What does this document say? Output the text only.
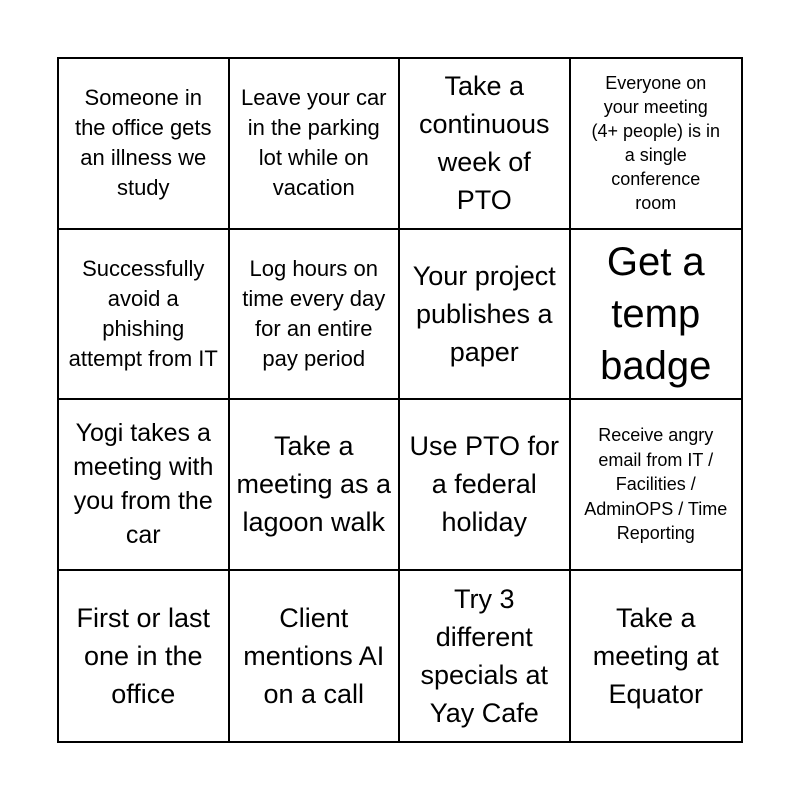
Someone in the office gets an illness we study
Leave your car in the parking lot while on vacation
Take a continuous week of PTO
Everyone on your meeting (4+ people) is in a single conference room
Successfully avoid a phishing attempt from IT
Log hours on time every day for an entire pay period
Your project publishes a paper
Get a temp badge
Yogi takes a meeting with you from the car
Take a meeting as a lagoon walk
Use PTO for a federal holiday
Receive angry email from IT / Facilities / AdminOPS / Time Reporting
First or last one in the office
Client mentions AI on a call
Try 3 different specials at Yay Cafe
Take a meeting at Equator
